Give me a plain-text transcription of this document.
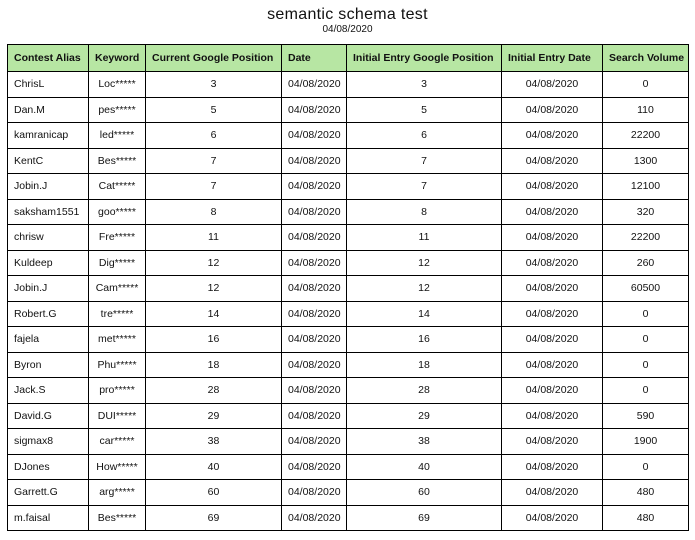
semantic schema test
04/08/2020
Contest Alias	Keyword	Current Google Position	Date	Initial Entry Google Position	Initial Entry Date	Search Volume
ChrisL	Loc*****	3	04/08/2020	3	04/08/2020	0
Dan.M	pes*****	5	04/08/2020	5	04/08/2020	110
kamranicap	led*****	6	04/08/2020	6	04/08/2020	22200
KentC	Bes*****	7	04/08/2020	7	04/08/2020	1300
Jobin.J	Cat*****	7	04/08/2020	7	04/08/2020	12100
saksham1551	goo*****	8	04/08/2020	8	04/08/2020	320
chrisw	Fre*****	11	04/08/2020	11	04/08/2020	22200
Kuldeep	Dig*****	12	04/08/2020	12	04/08/2020	260
Jobin.J	Cam*****	12	04/08/2020	12	04/08/2020	60500
Robert.G	tre*****	14	04/08/2020	14	04/08/2020	0
fajela	met*****	16	04/08/2020	16	04/08/2020	0
Byron	Phu*****	18	04/08/2020	18	04/08/2020	0
Jack.S	pro*****	28	04/08/2020	28	04/08/2020	0
David.G	DUI*****	29	04/08/2020	29	04/08/2020	590
sigmax8	car*****	38	04/08/2020	38	04/08/2020	1900
DJones	How*****	40	04/08/2020	40	04/08/2020	0
Garrett.G	arg*****	60	04/08/2020	60	04/08/2020	480
m.faisal	Bes*****	69	04/08/2020	69	04/08/2020	480
